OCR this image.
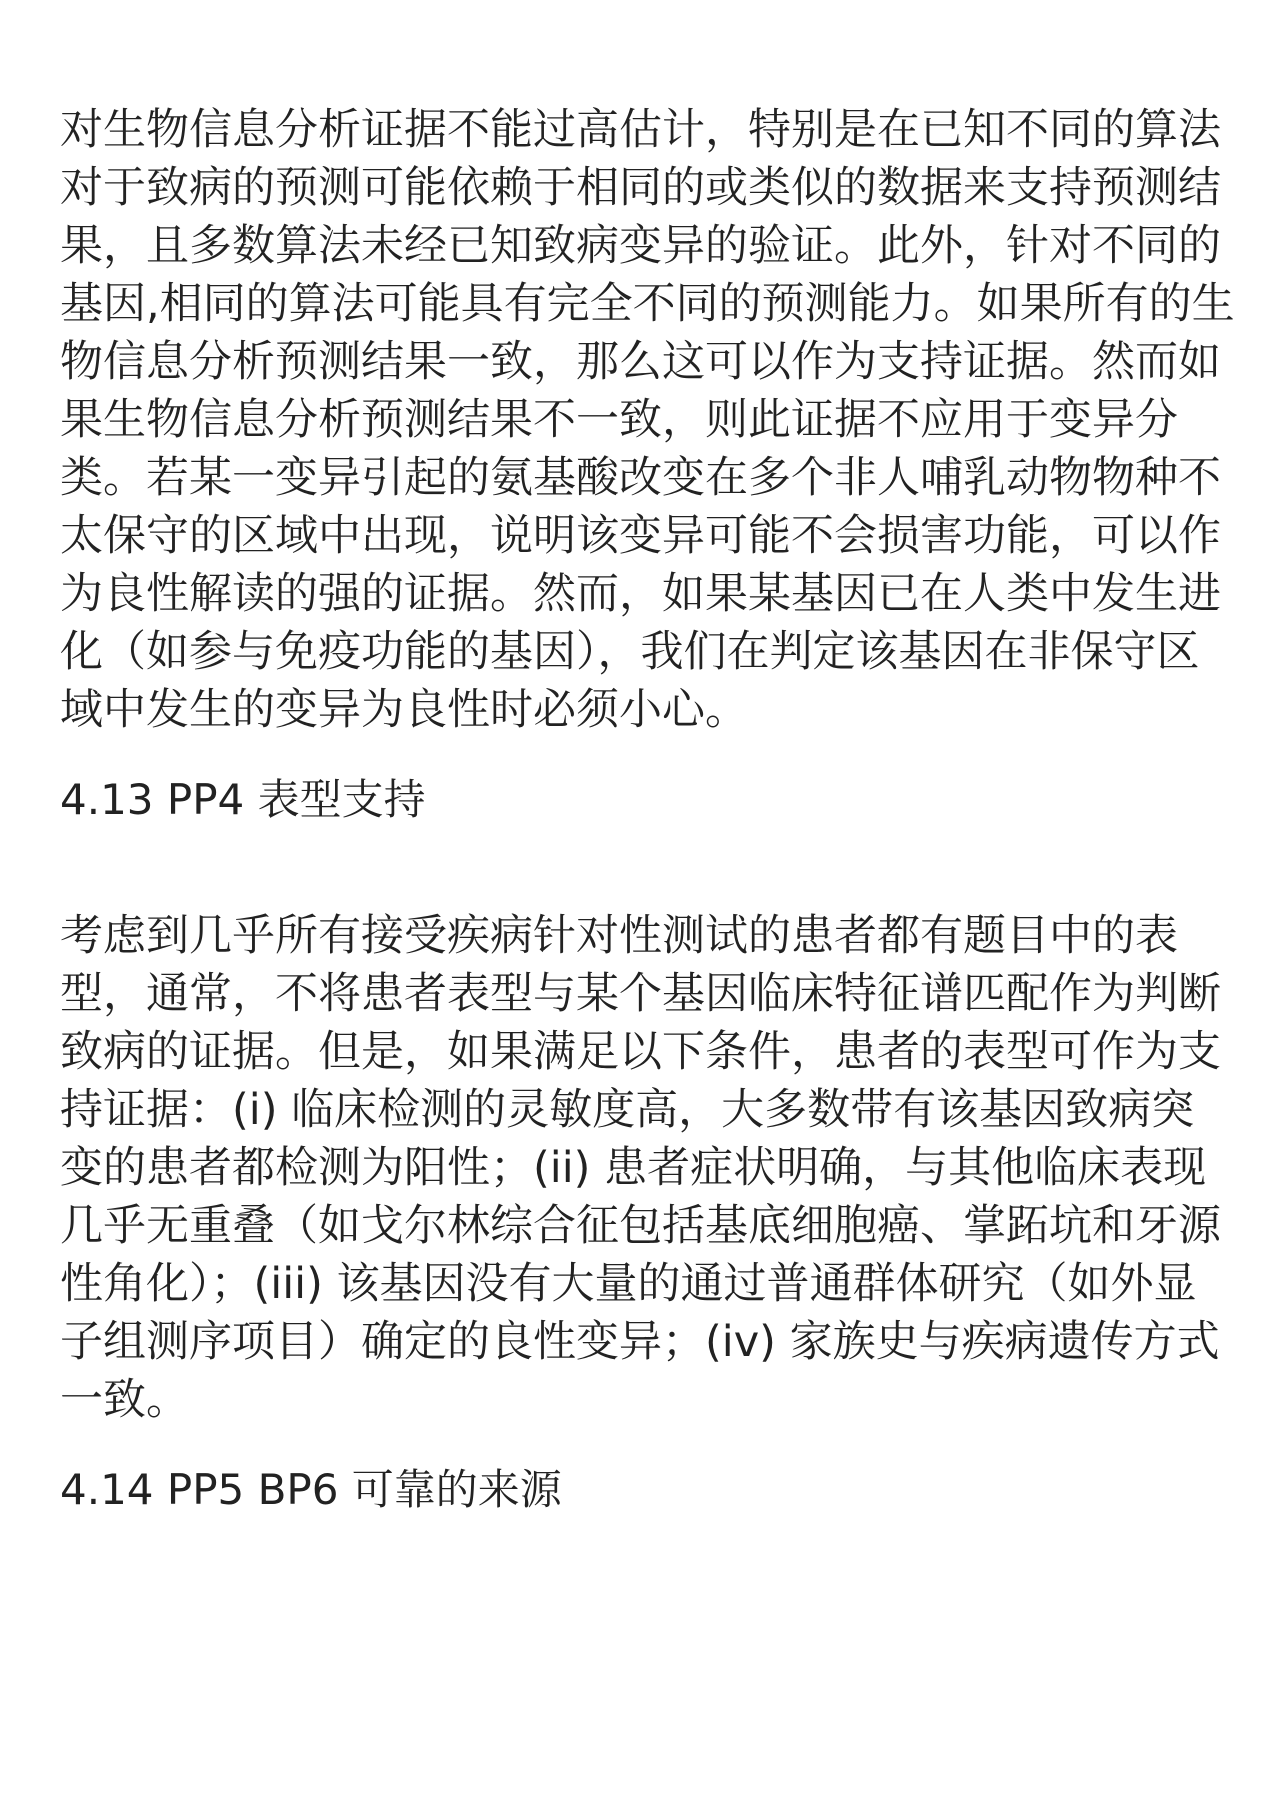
对生物信息分析证据不能过高估计，特别是在已知不同的算法
对于致病的预测可能依赖于相同的或类似的数据来支持预测结
果，且多数算法未经已知致病变异的验证。此外，针对不同的
基因,相同的算法可能具有完全不同的预测能力。如果所有的生
物信息分析预测结果一致，那么这可以作为支持证据。然而如
果生物信息分析预测结果不一致，则此证据不应用于变异分
类。若某一变异引起的氨基酸改变在多个非人哺乳动物物种不
太保守的区域中出现，说明该变异可能不会损害功能，可以作
为良性解读的强的证据。然而，如果某基因已在人类中发生进
化（如参与免疫功能的基因），我们在判定该基因在非保守区
域中发生的变异为良性时必须小心。
4.13 PP4 表型支持
考虑到几乎所有接受疾病针对性测试的患者都有题目中的表
型，通常，不将患者表型与某个基因临床特征谱匹配作为判断
致病的证据。但是，如果满足以下条件，患者的表型可作为支
持证据：(i) 临床检测的灵敏度高，大多数带有该基因致病突
变的患者都检测为阳性；(ii) 患者症状明确，与其他临床表现
几乎无重叠（如戈尔林综合征包括基底细胞癌、掌跖坑和牙源
性角化）；(iii) 该基因没有大量的通过普通群体研究（如外显
子组测序项目）确定的良性变异；(iv) 家族史与疾病遗传方式
一致。
4.14 PP5 BP6 可靠的来源
